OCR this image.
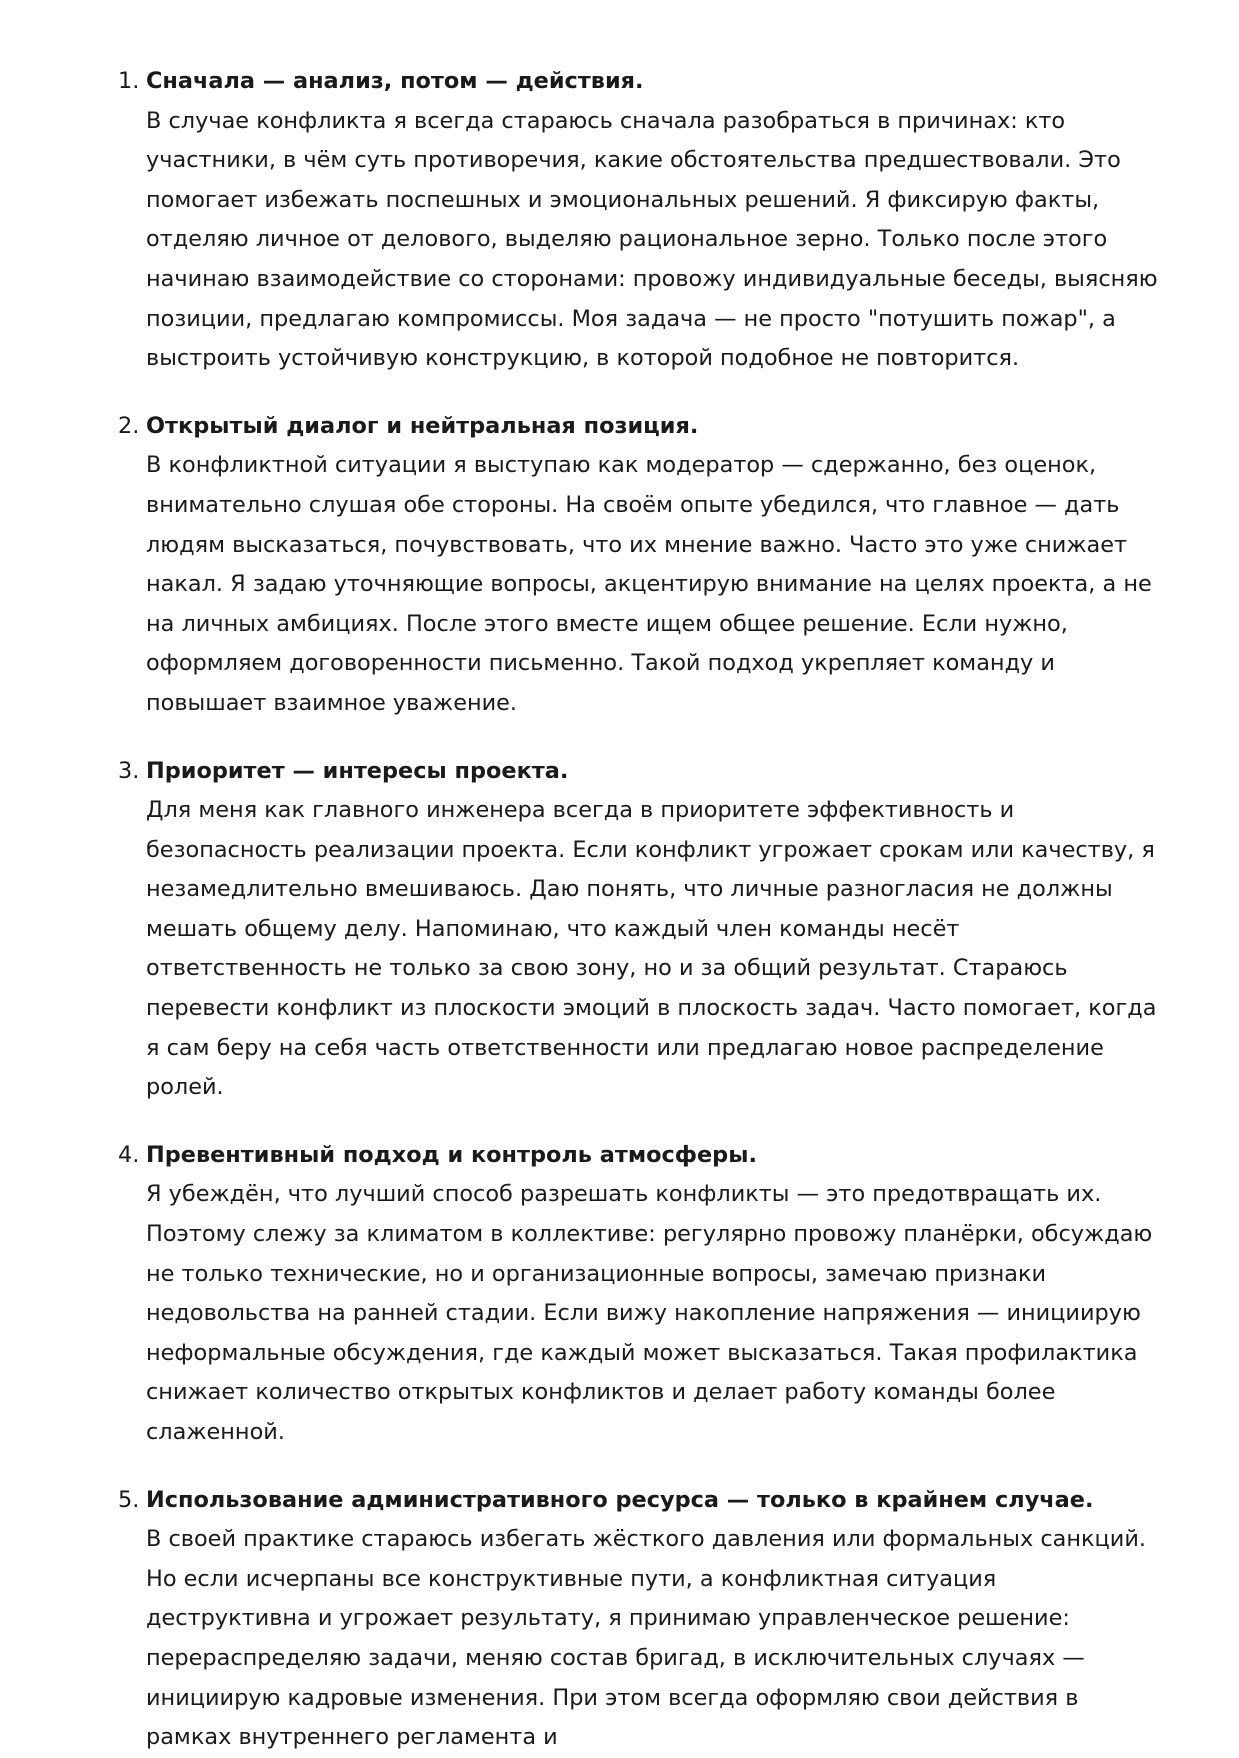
1. Сначала — анализ, потом — действия.
В случае конфликта я всегда стараюсь сначала разобраться в причинах: кто участники, в чём суть противоречия, какие обстоятельства предшествовали. Это помогает избежать поспешных и эмоциональных решений. Я фиксирую факты, отделяю личное от делового, выделяю рациональное зерно. Только после этого начинаю взаимодействие со сторонами: провожу индивидуальные беседы, выясняю позиции, предлагаю компромиссы. Моя задача — не просто "потушить пожар", а выстроить устойчивую конструкцию, в которой подобное не повторится.
2. Открытый диалог и нейтральная позиция.
В конфликтной ситуации я выступаю как модератор — сдержанно, без оценок, внимательно слушая обе стороны. На своём опыте убедился, что главное — дать людям высказаться, почувствовать, что их мнение важно. Часто это уже снижает накал. Я задаю уточняющие вопросы, акцентирую внимание на целях проекта, а не на личных амбициях. После этого вместе ищем общее решение. Если нужно, оформляем договоренности письменно. Такой подход укрепляет команду и повышает взаимное уважение.
3. Приоритет — интересы проекта.
Для меня как главного инженера всегда в приоритете эффективность и безопасность реализации проекта. Если конфликт угрожает срокам или качеству, я незамедлительно вмешиваюсь. Даю понять, что личные разногласия не должны мешать общему делу. Напоминаю, что каждый член команды несёт ответственность не только за свою зону, но и за общий результат. Стараюсь перевести конфликт из плоскости эмоций в плоскость задач. Часто помогает, когда я сам беру на себя часть ответственности или предлагаю новое распределение ролей.
4. Превентивный подход и контроль атмосферы.
Я убеждён, что лучший способ разрешать конфликты — это предотвращать их. Поэтому слежу за климатом в коллективе: регулярно провожу планёрки, обсуждаю не только технические, но и организационные вопросы, замечаю признаки недовольства на ранней стадии. Если вижу накопление напряжения — инициирую неформальные обсуждения, где каждый может высказаться. Такая профилактика снижает количество открытых конфликтов и делает работу команды более слаженной.
5. Использование административного ресурса — только в крайнем случае.
В своей практике стараюсь избегать жёсткого давления или формальных санкций. Но если исчерпаны все конструктивные пути, а конфликтная ситуация деструктивна и угрожает результату, я принимаю управленческое решение: перераспределяю задачи, меняю состав бригад, в исключительных случаях — инициирую кадровые изменения. При этом всегда оформляю свои действия в рамках внутреннего регламента и
